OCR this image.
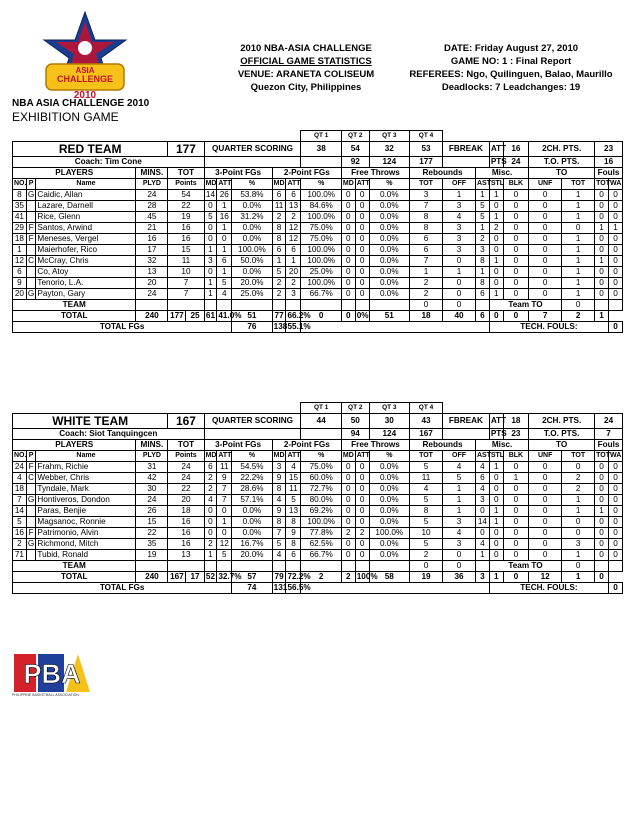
ASIA
CHALLENGE
2010
2010 NBA-ASIA CHALLENGE
OFFICIAL GAME STATISTICS
VENUE: ARANETA COLISEUM
Quezon City, Philippines
DATE: Friday August 27, 2010
GAME NO: 1 : Final Report
REFEREES: Ngo, Quilinguen, Balao, Maurillo
Deadlocks: 7 Leadchanges: 19
NBA ASIA CHALLENGE 2010
EXHIBITION GAME
											QT 1	QT 2		QT 3	QT 4								
RED TEAM				177		QUARTER SCORING					38	54		32	53	FBREAK		ATT	16	2CH. PTS.		23	
Coach: Tim Cone												92		124	177			PTS	24	T.O. PTS.		16	
PLAYERS			MINS.	TOT		3-Point FGs			2-Point FGs			Free Throws			Rebounds		Misc.			TO		Fouls	
NO.	P	Name	PLYD	Points		MD	ATT	%	MD	ATT	%	MD	ATT	%	TOT	OFF	AST	STL	BLK	UNF	TOT	TOT	WA
8	G	Caidic, Allan	24	54		14	26	53.8%	6	6	100.0%	0	0	0.0%	3	1	1	1	0	0	1	0	0
35		Lazare, Darnell	28	22		0	1	0.0%	11	13	84.6%	0	0	0.0%	7	3	5	0	0	0	1	0	0
41		Rice, Glenn	45	19		5	16	31.2%	2	2	100.0%	0	0	0.0%	8	4	5	1	0	0	1	0	0
29	F	Santos, Arwind	21	16		0	1	0.0%	8	12	75.0%	0	0	0.0%	8	3	1	2	0	0	0	1	1
18	F	Meneses, Vergel	16	16		0	0	0.0%	8	12	75.0%	0	0	0.0%	6	3	2	0	0	0	1	0	0
1		Maierhofer, Rico	17	15		1	1	100.0%	6	6	100.0%	0	0	0.0%	6	3	3	0	0	0	1	0	0
12	C	McCray, Chris	32	11		3	6	50.0%	1	1	100.0%	0	0	0.0%	7	0	8	1	0	0	1	1	0
6		Co, Atoy	13	10		0	1	0.0%	5	20	25.0%	0	0	0.0%	1	1	1	0	0	0	1	0	0
9		Tenorio, L.A.	20	7		1	5	20.0%	2	2	100.0%	0	0	0.0%	2	0	8	0	0	0	1	0	0
20	G	Payton, Gary	24	7		1	4	25.0%	2	3	66.7%	0	0	0.0%	2	0	6	1	0	0	1	0	0
TEAM															0	0		Team TO			0		
TOTAL			240	177	25	61	41.0%	51	77	66.2%	0	0	0%	51	18	40	6	0	0	7	2	1	
TOTAL FGs								76	138	55.1%								TECH. FOULS:					0
											QT 1	QT 2		QT 3	QT 4								
WHITE TEAM				167		QUARTER SCORING					44	50		30	43	FBREAK		ATT	18	2CH. PTS.		24	
Coach: Siot Tanquingcen												94		124	167			PTS	23	T.O. PTS.		7	
PLAYERS			MINS.	TOT		3-Point FGs			2-Point FGs			Free Throws			Rebounds		Misc.			TO		Fouls	
NO.	P	Name	PLYD	Points		MD	ATT	%	MD	ATT	%	MD	ATT	%	TOT	OFF	AST	STL	BLK	UNF	TOT	TOT	WA
24	F	Frahm, Richie	31	24		6	11	54.5%	3	4	75.0%	0	0	0.0%	5	4	4	1	0	0	0	0	0
4	C	Webber, Chris	42	24		2	9	22.2%	9	15	60.0%	0	0	0.0%	11	5	6	0	1	0	2	0	0
18		Tyndale, Mark	30	22		2	7	28.6%	8	11	72.7%	0	0	0.0%	4	1	4	0	0	0	2	0	0
7	G	Hontiveros, Dondon	24	20		4	7	57.1%	4	5	80.0%	0	0	0.0%	5	1	3	0	0	0	1	0	0
14		Paras, Benjie	26	18		0	0	0.0%	9	13	69.2%	0	0	0.0%	8	1	0	1	0	0	1	1	0
5		Magsanoc, Ronnie	15	16		0	1	0.0%	8	8	100.0%	0	0	0.0%	5	3	14	1	0	0	0	0	0
16	F	Patrimonio, Alvin	22	16		0	0	0.0%	7	9	77.8%	2	2	100.0%	10	4	0	0	0	0	0	0	0
2	G	Richmond, Mitch	35	16		2	12	16.7%	5	8	62.5%	0	0	0.0%	5	3	4	0	0	0	3	0	0
71		Tubid, Ronald	19	13		1	5	20.0%	4	6	66.7%	0	0	0.0%	2	0	1	0	0	0	1	0	0
TEAM															0	0		Team TO			0		
TOTAL			240	167	17	52	32.7%	57	79	72.2%	2	2	100%	58	19	36	3	1	0	12	1	0	
TOTAL FGs								74	131	56.5%								TECH. FOULS:					0
PBA
PHILIPPINE BASKETBALL ASSOCIATION
